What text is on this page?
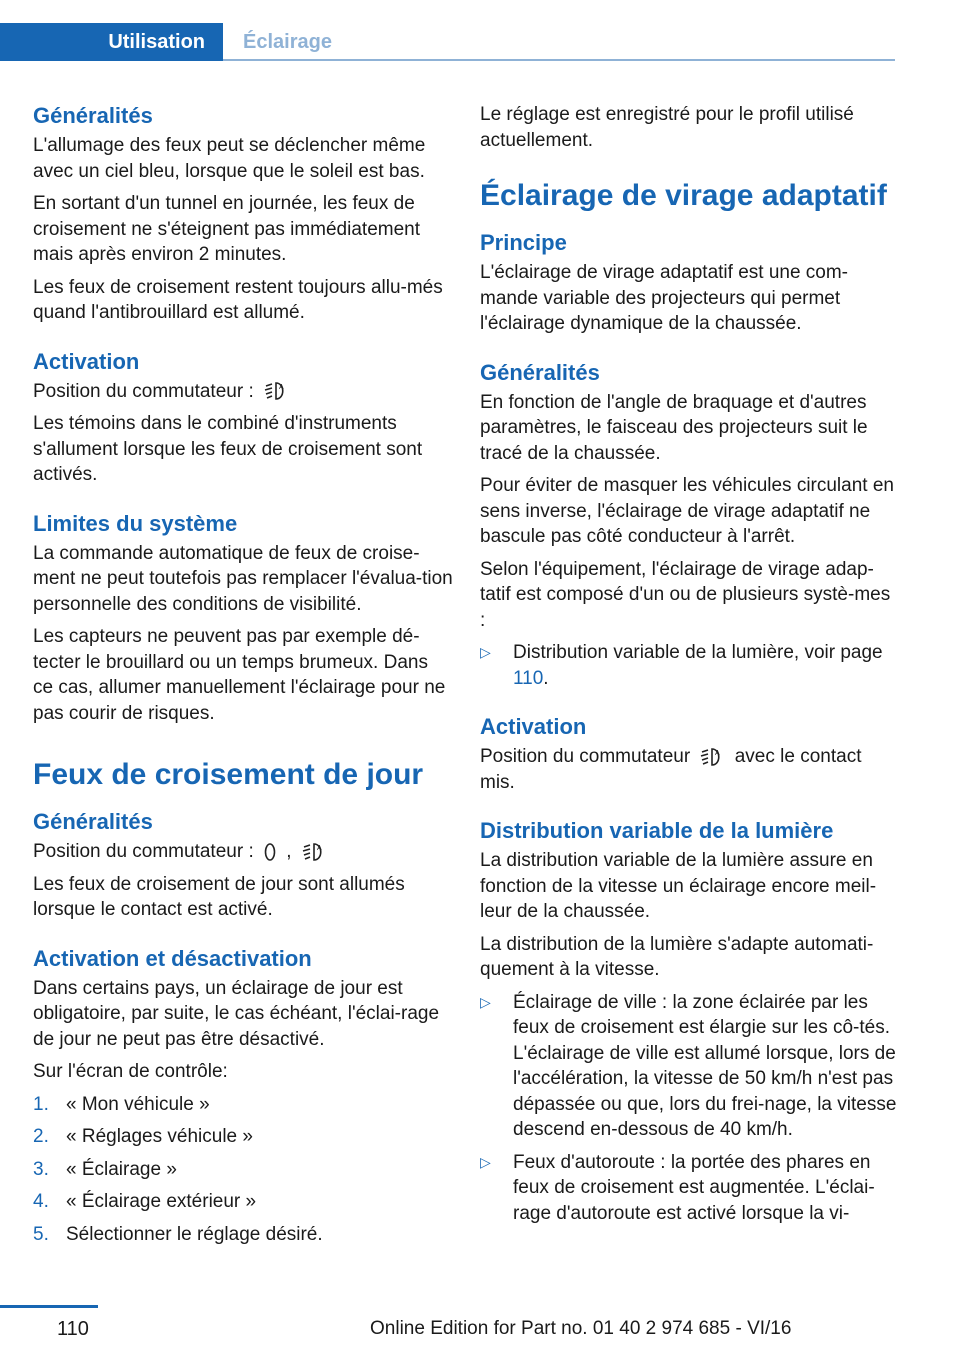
Utilisation	Éclairage
Généralités

L'allumage des feux peut se déclencher même avec un ciel bleu, lorsque que le soleil est bas.

En sortant d'un tunnel en journée, les feux de croisement ne s'éteignent pas immédiatement mais après environ 2 minutes.

Les feux de croisement restent toujours allu‐més quand l'antibrouillard est allumé.

Activation

Position du commutateur :	A

Les témoins dans le combiné d'instruments s'allument lorsque les feux de croisement sont activés.

Limites du système

La commande automatique de feux de croise‐ment ne peut toutefois pas remplacer l'évalua‐tion personnelle des conditions de visibilité.

Les capteurs ne peuvent pas par exemple dé‐tecter le brouillard ou un temps brumeux. Dans ce cas, allumer manuellement l'éclairage pour ne pas courir de risques.

Feux de croisement de jour
Généralités

Position du commutateur : ,	A

Les feux de croisement de jour sont allumés lorsque le contact est activé.

Activation et désactivation

Dans certains pays, un éclairage de jour est obligatoire, par suite, le cas échéant, l'éclai‐rage de jour ne peut pas être désactivé.

Sur l'écran de contrôle:

1. « Mon véhicule »
2. « Réglages véhicule »
3. « Éclairage »
4. « Éclairage extérieur »
5. Sélectionner le réglage désiré.

Le réglage est enregistré pour le profil utilisé actuellement.

Éclairage de virage adaptatif
Principe

L'éclairage de virage adaptatif est une com‐mande variable des projecteurs qui permet l'éclairage dynamique de la chaussée.

Généralités

En fonction de l'angle de braquage et d'autres paramètres, le faisceau des projecteurs suit le tracé de la chaussée.

Pour éviter de masquer les véhicules circulant en sens inverse, l'éclairage de virage adaptatif ne bascule pas côté conducteur à l'arrêt.

Selon l'équipement, l'éclairage de virage adap‐tatif est composé d'un ou de plusieurs systè‐mes :

▷	Distribution variable de la lumière, voir page 110.
Activation

Position du commutateur	A avec le contact mis.

Distribution variable de la lumière

La distribution variable de la lumière assure en fonction de la vitesse un éclairage encore meil‐leur de la chaussée.

La distribution de la lumière s'adapte automati‐quement à la vitesse.

▷	Éclairage de ville : la zone éclairée par les feux de croisement est élargie sur les cô‐tés. L'éclairage de ville est allumé lorsque, lors de l'accélération, la vitesse de 50 km/h n'est pas dépassée ou que, lors du frei‐nage, la vitesse descend en-dessous de 40 km/h.
▷	Feux d'autoroute : la portée des phares en feux de croisement est augmentée. L'éclai‐rage d'autoroute est activé lorsque la vi‐
110	Online Edition for Part no. 01 40 2 974 685 - VI/16
